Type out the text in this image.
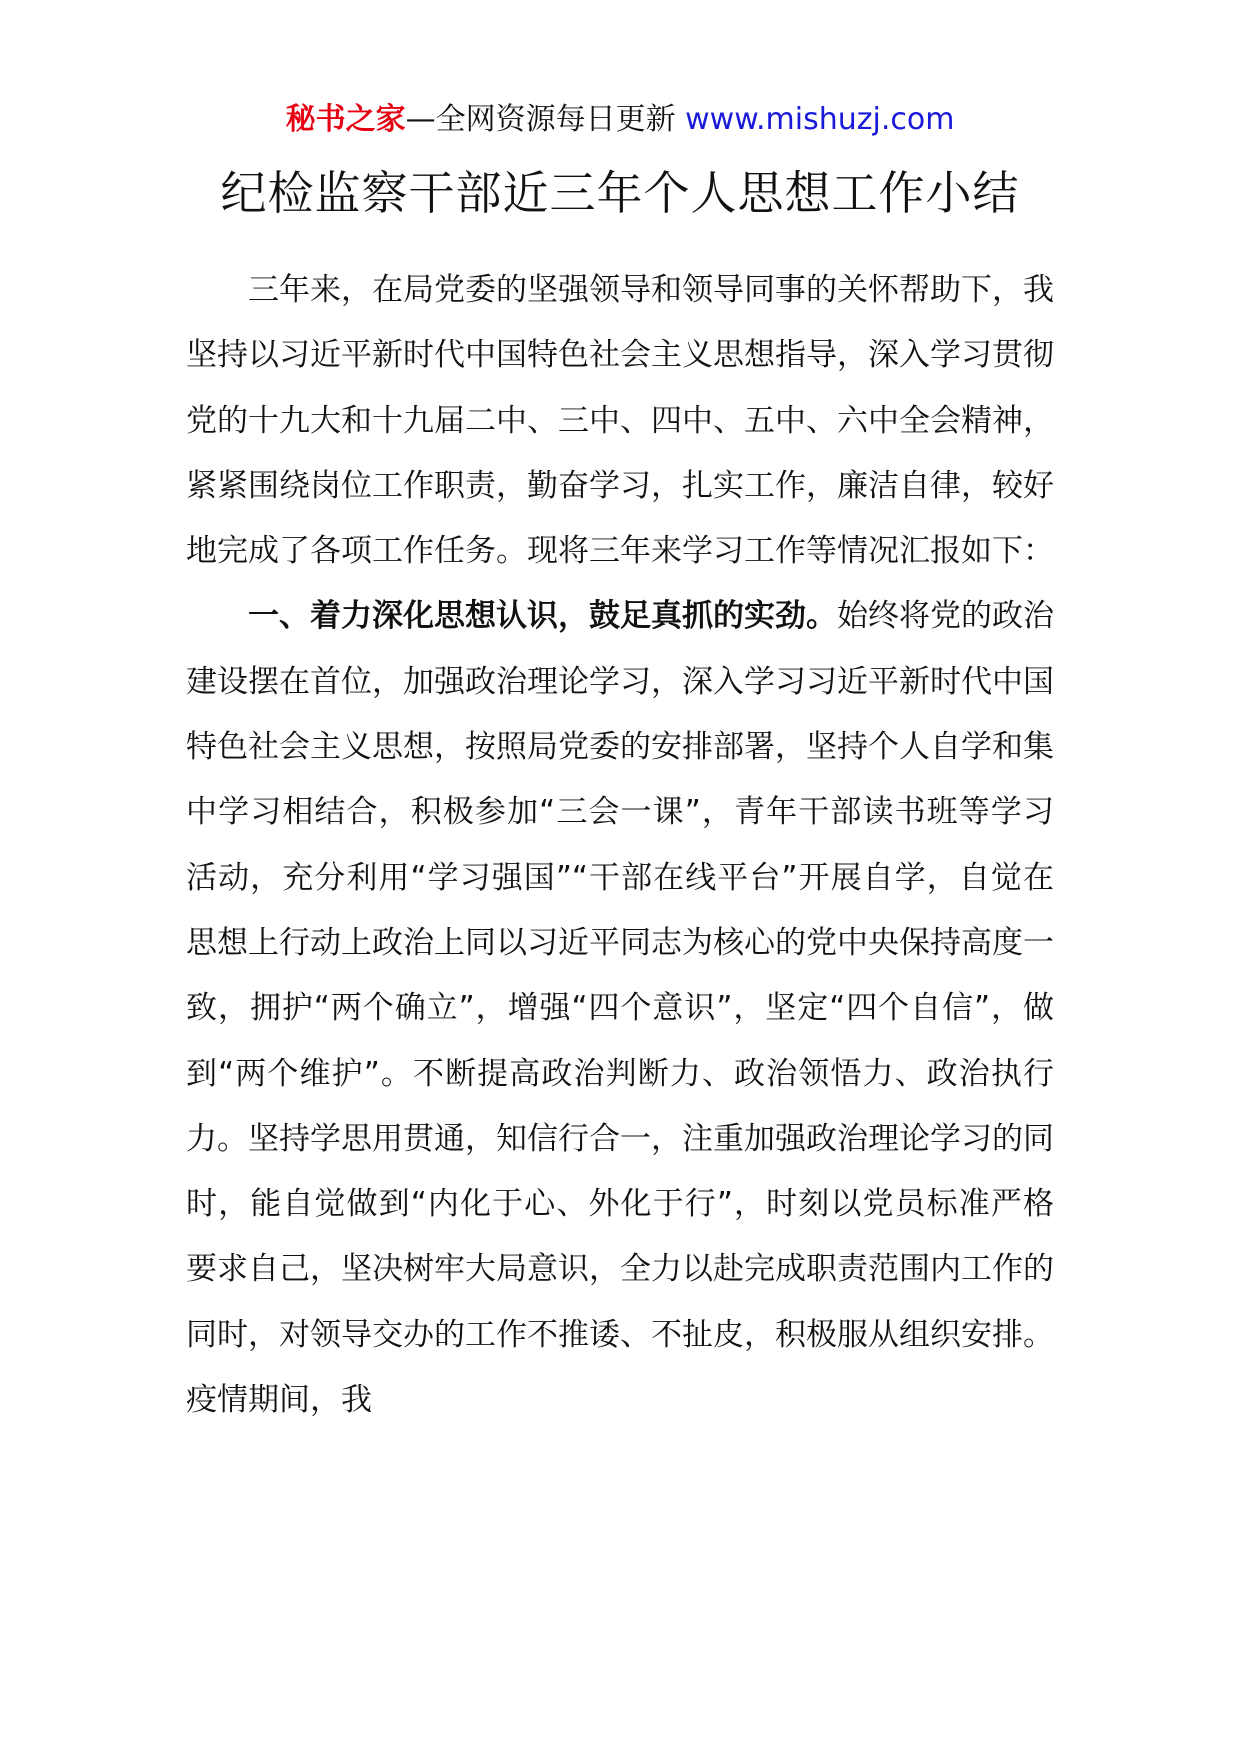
秘书之家—全网资源每日更新 www.mishuzj.com
纪检监察干部近三年个人思想工作小结

三年来，在局党委的坚强领导和领导同事的关怀帮助下，我坚持以习近平新时代中国特色社会主义思想指导，深入学习贯彻党的十九大和十九届二中、三中、四中、五中、六中全会精神，紧紧围绕岗位工作职责，勤奋学习，扎实工作，廉洁自律，较好地完成了各项工作任务。现将三年来学习工作等情况汇报如下：

一、着力深化思想认识，鼓足真抓的实劲。始终将党的政治建设摆在首位，加强政治理论学习，深入学习习近平新时代中国特色社会主义思想，按照局党委的安排部署，坚持个人自学和集中学习相结合，积极参加“三会一课”，青年干部读书班等学习活动，充分利用“学习强国”“干部在线平台”开展自学，自觉在思想上行动上政治上同以习近平同志为核心的党中央保持高度一致，拥护“两个确立”，增强“四个意识”，坚定“四个自信”，做到“两个维护”。不断提高政治判断力、政治领悟力、政治执行力。坚持学思用贯通，知信行合一，注重加强政治理论学习的同时，能自觉做到“内化于心、外化于行”，时刻以党员标准严格要求自己，坚决树牢大局意识，全力以赴完成职责范围内工作的同时，对领导交办的工作不推诿、不扯皮，积极服从组织安排。疫情期间，我
